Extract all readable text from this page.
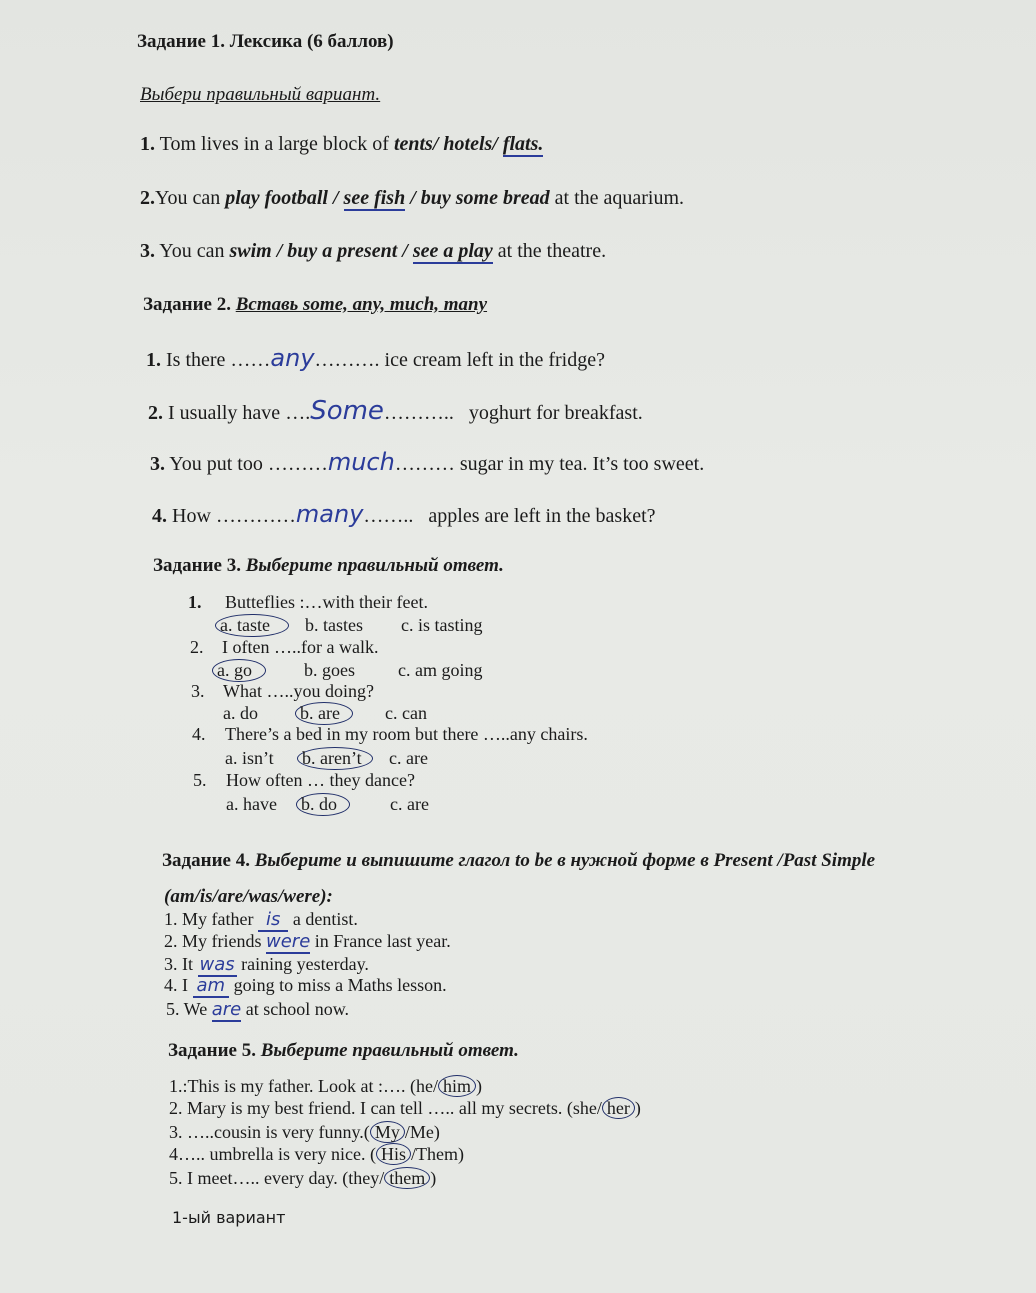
Задание 1. Лексика (6 баллов)
Выбери правильный вариант.
1. Tom lives in a large block of tents/ hotels/ flats.
2.You can play football / see fish / buy some bread at the aquarium.
3. You can swim / buy a present / see a play at the theatre.
Задание 2. Вставь some, any, much, many
1. Is there ……any………. ice cream left in the fridge?
2. I usually have ….Some……….. yoghurt for breakfast.
3. You put too ………much……… sugar in my tea. It’s too sweet.
4. How …………many…….. apples are left in the basket?
Задание 3. Выберите правильный ответ.
1. Butteflies :…with their feet.
a. taste b. tastes c. is tasting
2. I often …..for a walk.
a. go	b. goes c. am going
3. What …..you doing?
a. do b. are	c. can
4. There’s a bed in my room but there …..any chairs.
a. isn’t b. aren’t c. are
5. How often … they dance?
a. have b. do	c. are
Задание 4. Выберите и выпишите глагол to be в нужной форме в Present /Past Simple
(am/is/are/was/were):
1. My father is a dentist.
2. My friends were in France last year.
3. It was raining yesterday.
4. I am going to miss a Maths lesson.
5. We are at school now.
Задание 5. Выберите правильный ответ.
1.:This is my father. Look at :…. (he/ him )
2. Mary is my best friend. I can tell ….. all my secrets. (she/ her )
3. …..cousin is very funny.( My /Me)
4….. umbrella is very nice. ( His /Them)
5. I meet….. every day. (they/ them )
1-ый вариант
